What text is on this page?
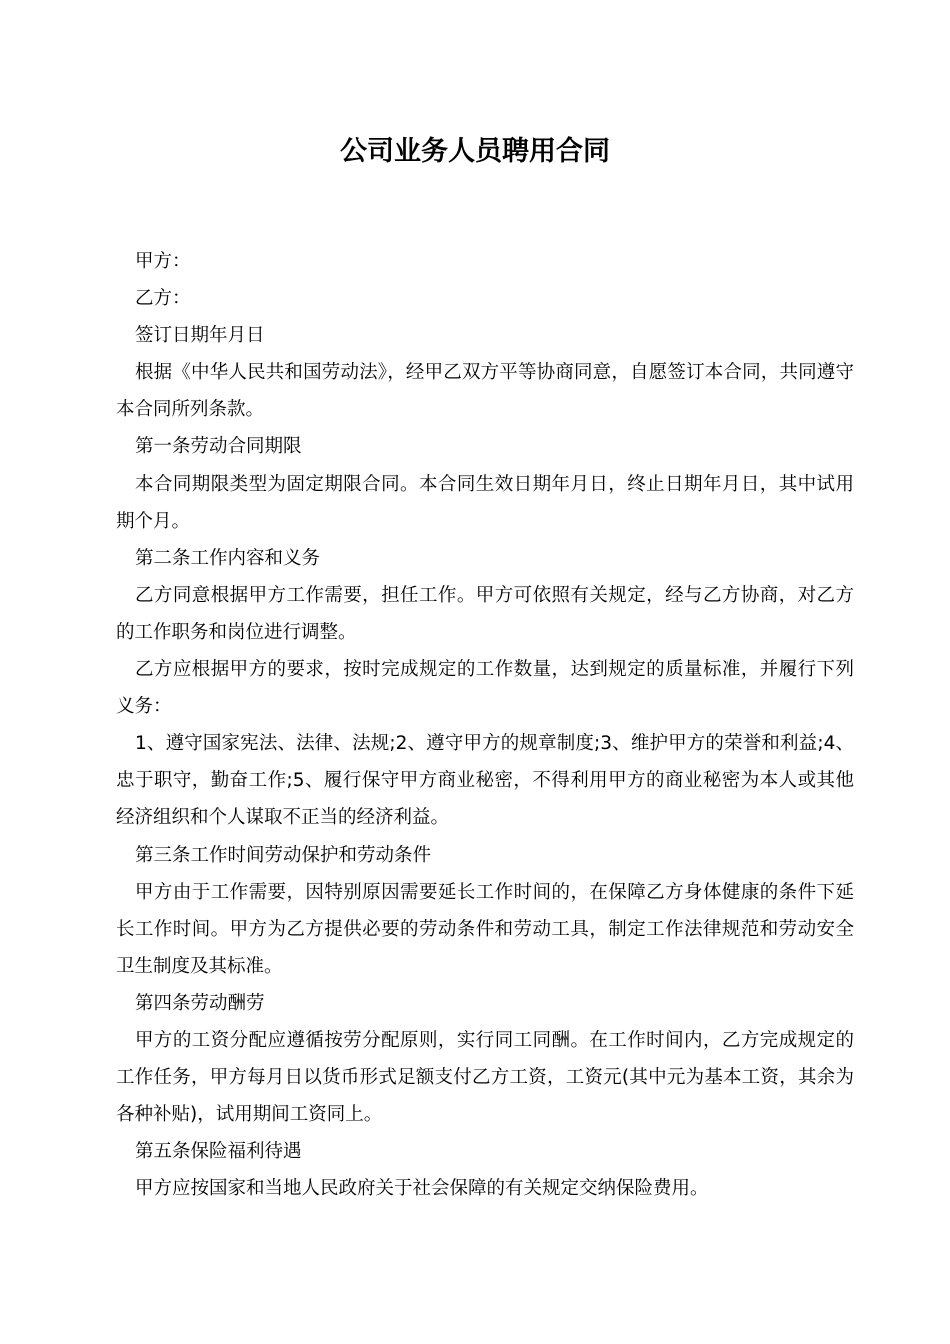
公司业务人员聘用合同

甲方：

乙方：

签订日期年月日

根据《中华人民共和国劳动法》，经甲乙双方平等协商同意，自愿签订本合同，共同遵守本合同所列条款。

第一条劳动合同期限

本合同期限类型为固定期限合同。本合同生效日期年月日，终止日期年月日，其中试用期个月。

第二条工作内容和义务

乙方同意根据甲方工作需要，担任工作。甲方可依照有关规定，经与乙方协商，对乙方的工作职务和岗位进行调整。

乙方应根据甲方的要求，按时完成规定的工作数量，达到规定的质量标准，并履行下列义务：

1、遵守国家宪法、法律、法规;2、遵守甲方的规章制度;3、维护甲方的荣誉和利益;4、忠于职守，勤奋工作;5、履行保守甲方商业秘密，不得利用甲方的商业秘密为本人或其他经济组织和个人谋取不正当的经济利益。

第三条工作时间劳动保护和劳动条件

甲方由于工作需要，因特别原因需要延长工作时间的，在保障乙方身体健康的条件下延长工作时间。甲方为乙方提供必要的劳动条件和劳动工具，制定工作法律规范和劳动安全卫生制度及其标准。

第四条劳动酬劳

甲方的工资分配应遵循按劳分配原则，实行同工同酬。在工作时间内，乙方完成规定的工作任务，甲方每月日以货币形式足额支付乙方工资，工资元(其中元为基本工资，其余为各种补贴)，试用期间工资同上。

第五条保险福利待遇

甲方应按国家和当地人民政府关于社会保障的有关规定交纳保险费用。
